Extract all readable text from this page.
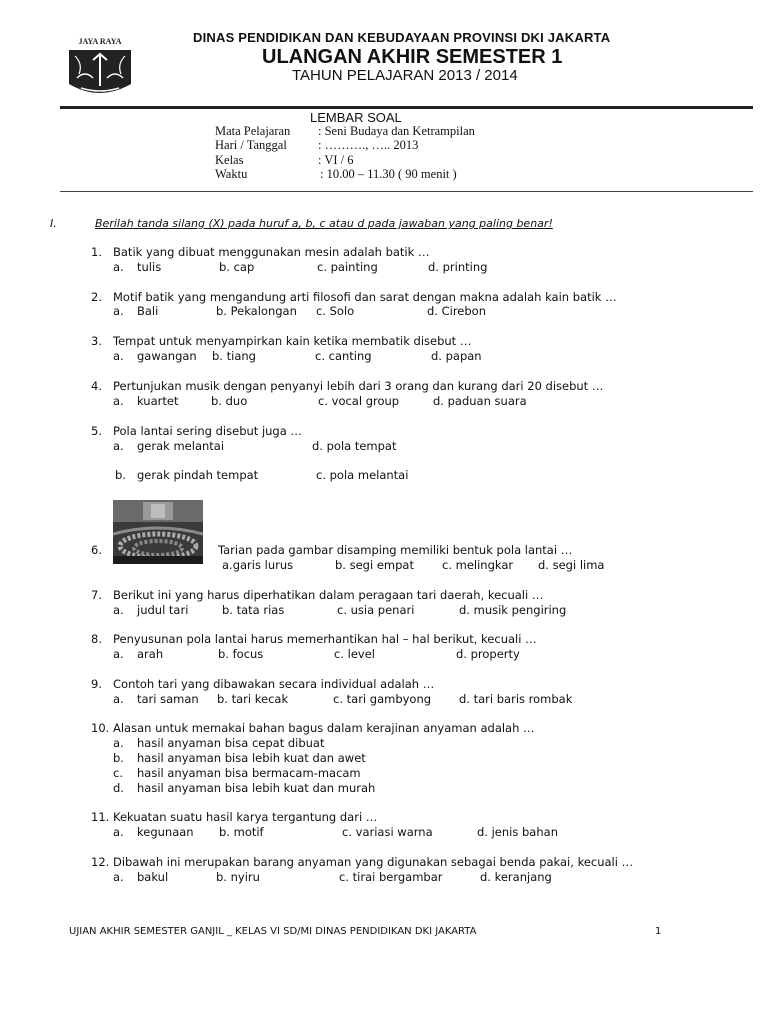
JAYA RAYA	DINAS PENDIDIKAN DAN KEBUDAYAAN PROVINSI DKI JAKARTA
ULANGAN AKHIR SEMESTER 1
TAHUN PELAJARAN 2013 / 2014
LEMBAR SOAL
Mata Pelajaran : Seni Budaya dan Ketrampilan
Hari / Tanggal : ………., ….. 2013
Kelas	: VI / 6
Waktu	: 10.00 – 11.30 ( 90 menit )
I.	Berilah tanda silang (X) pada huruf a, b, c atau d pada jawaban yang paling benar!
1. Batik yang dibuat menggunakan mesin adalah batik …
a. tulis	b. cap	c. painting	d. printing
2. Motif batik yang mengandung arti filosofi dan sarat dengan makna adalah kain batik …
a. Bali	b. Pekalongan c. Solo	d. Cirebon
3. Tempat untuk menyampirkan kain ketika membatik disebut …
a. gawangan b. tiang	c. canting	d. papan
4. Pertunjukan musik dengan penyanyi lebih dari 3 orang dan kurang dari 20 disebut …
a. kuartet	b. duo	c. vocal group	d. paduan suara
5. Pola lantai sering disebut juga …
a. gerak melantai	d. pola tempat
b. gerak pindah tempat	c. pola melantai
6.	Tarian pada gambar disamping memiliki bentuk pola lantai …
a.garis lurus	b. segi empat c. melingkar d. segi lima
7. Berikut ini yang harus diperhatikan dalam peragaan tari daerah, kecuali …
a. judul tari	b. tata rias	c. usia penari	d. musik pengiring
8. Penyusunan pola lantai harus memerhantikan hal – hal berikut, kecuali …
a. arah	b. focus	c. level	d. property
9. Contoh tari yang dibawakan secara individual adalah …
a. tari saman b. tari kecak	c. tari gambyong d. tari baris rombak
10. Alasan untuk memakai bahan bagus dalam kerajinan anyaman adalah …
a. hasil anyaman bisa cepat dibuat
b. hasil anyaman bisa lebih kuat dan awet
c. hasil anyaman bisa bermacam-macam
d. hasil anyaman bisa lebih kuat dan murah
11. Kekuatan suatu hasil karya tergantung dari …
a. kegunaan b. motif	c. variasi warna	d. jenis bahan
12. Dibawah ini merupakan barang anyaman yang digunakan sebagai benda pakai, kecuali …
a. bakul	b. nyiru	c. tirai bergambar	d. keranjang
UJIAN AKHIR SEMESTER GANJIL _ KELAS VI SD/MI DINAS PENDIDIKAN DKI JAKARTA	1
